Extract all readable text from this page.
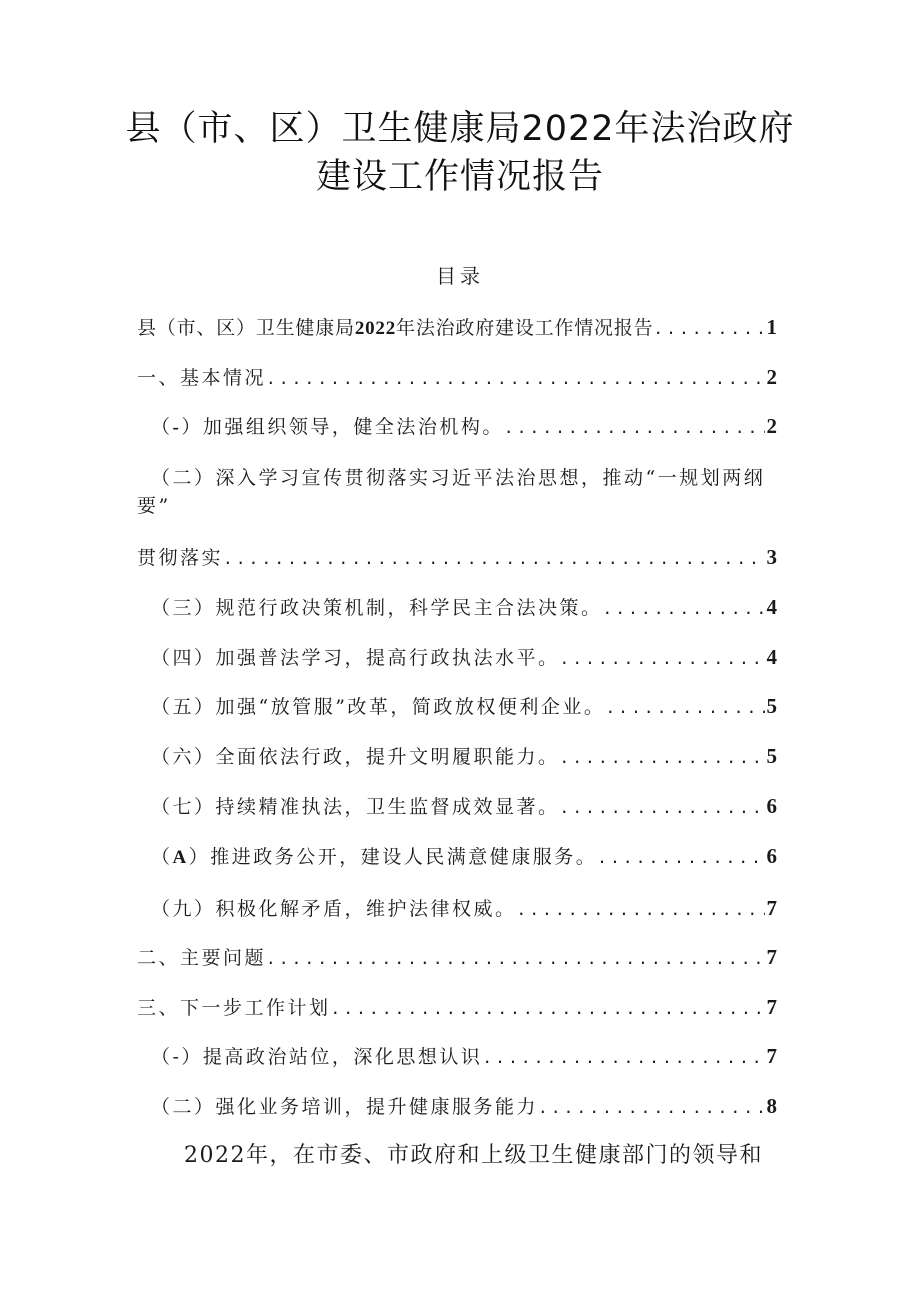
县（市、区）卫生健康局2022年法治政府
建设工作情况报告
目录
县（市、区）卫生健康局2022年法治政府建设工作情况报告 .....	1
一、基本情况 .....	2
（-）加强组织领导，健全法治机构。 .....	2
（二）深入学习宣传贯彻落实习近平法治思想，推动“一规划两纲
要”
贯彻落实 .....	3
（三）规范行政决策机制，科学民主合法决策。 .....	4
（四）加强普法学习，提高行政执法水平。 .....	4
（五）加强“放管服”改革，简政放权便利企业。 .....	5
（六）全面依法行政，提升文明履职能力。 .....	5
（七）持续精准执法，卫生监督成效显著。 .....	6
（A）推进政务公开，建设人民满意健康服务。 .....	6
（九）积极化解矛盾，维护法律权威。 .....	7
二、主要问题 .....	7
三、下一步工作计划 .....	7
（-）提高政治站位，深化思想认识 .....	7
（二）强化业务培训，提升健康服务能力 .....	8
2022年，在市委、市政府和上级卫生健康部门的领导和
